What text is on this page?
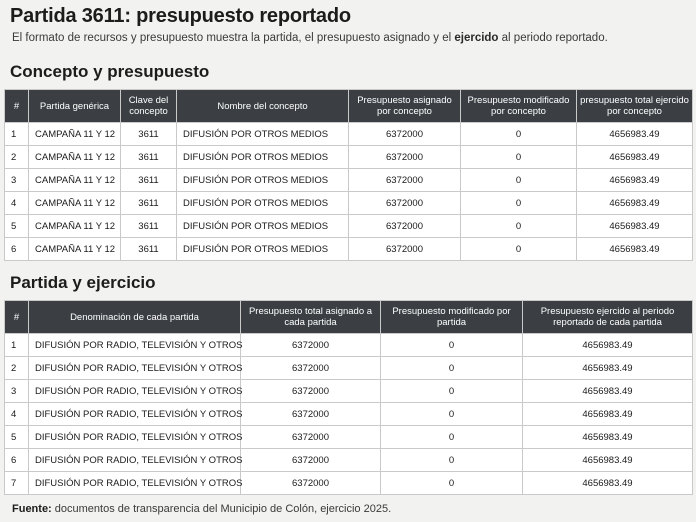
Partida 3611: presupuesto reportado
El formato de recursos y presupuesto muestra la partida, el presupuesto asignado y el ejercido al periodo reportado.
Concepto y presupuesto
#	Partida genérica	Clave del concepto	Nombre del concepto	Presupuesto asignado por concepto	Presupuesto modificado por concepto	presupuesto total ejercido por concepto
1	CAMPAÑA 11 Y 12	3611	DIFUSIÓN POR OTROS MEDIOS	6372000	0	4656983.49
2	CAMPAÑA 11 Y 12	3611	DIFUSIÓN POR OTROS MEDIOS	6372000	0	4656983.49
3	CAMPAÑA 11 Y 12	3611	DIFUSIÓN POR OTROS MEDIOS	6372000	0	4656983.49
4	CAMPAÑA 11 Y 12	3611	DIFUSIÓN POR OTROS MEDIOS	6372000	0	4656983.49
5	CAMPAÑA 11 Y 12	3611	DIFUSIÓN POR OTROS MEDIOS	6372000	0	4656983.49
6	CAMPAÑA 11 Y 12	3611	DIFUSIÓN POR OTROS MEDIOS	6372000	0	4656983.49
Partida y ejercicio
#	Denominación de cada partida	Presupuesto total asignado a cada partida	Presupuesto modificado por partida	Presupuesto ejercido al periodo reportado de cada partida
1	DIFUSIÓN POR RADIO, TELEVISIÓN Y OTROS	6372000	0	4656983.49
2	DIFUSIÓN POR RADIO, TELEVISIÓN Y OTROS	6372000	0	4656983.49
3	DIFUSIÓN POR RADIO, TELEVISIÓN Y OTROS	6372000	0	4656983.49
4	DIFUSIÓN POR RADIO, TELEVISIÓN Y OTROS	6372000	0	4656983.49
5	DIFUSIÓN POR RADIO, TELEVISIÓN Y OTROS	6372000	0	4656983.49
6	DIFUSIÓN POR RADIO, TELEVISIÓN Y OTROS	6372000	0	4656983.49
7	DIFUSIÓN POR RADIO, TELEVISIÓN Y OTROS	6372000	0	4656983.49
Fuente: documentos de transparencia del Municipio de Colón, ejercicio 2025.
